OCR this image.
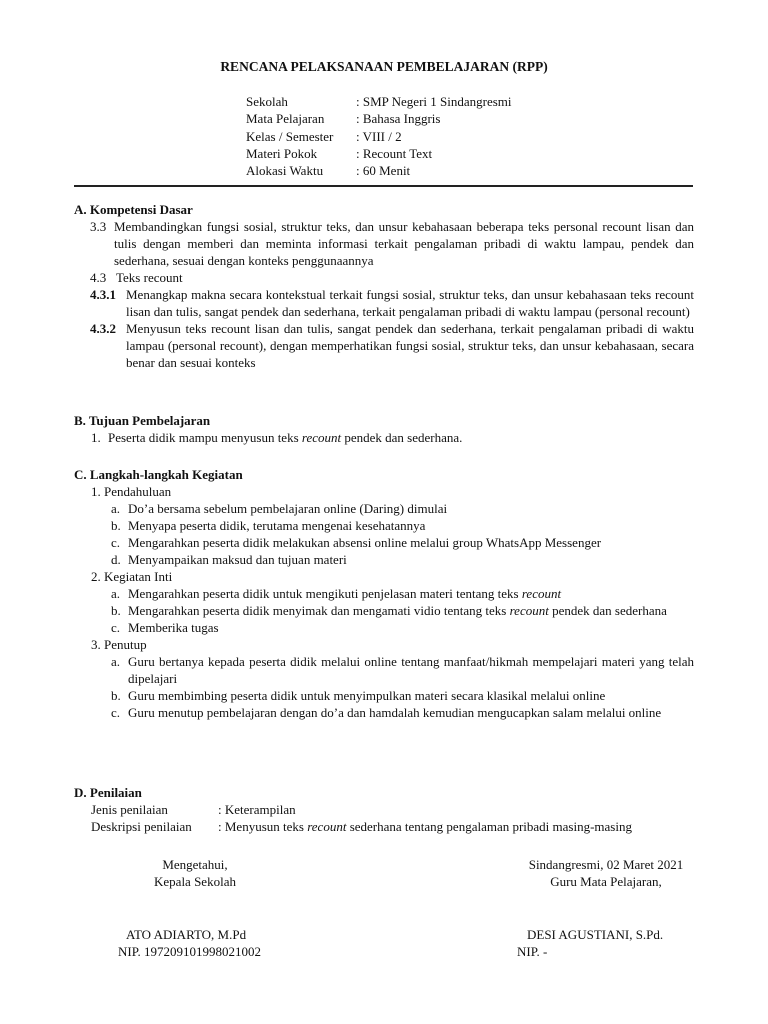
RENCANA PELAKSANAAN PEMBELAJARAN (RPP)
Sekolah	: SMP Negeri 1 Sindangresmi
Mata Pelajaran	: Bahasa Inggris
Kelas / Semester	: VIII / 2
Materi Pokok	: Recount Text
Alokasi Waktu	: 60 Menit
A. Kompetensi Dasar
3.3 Membandingkan fungsi sosial, struktur teks, dan unsur kebahasaan beberapa teks personal recount lisan dan tulis dengan memberi dan meminta informasi terkait pengalaman pribadi di waktu lampau, pendek dan sederhana, sesuai dengan konteks penggunaannya
4.3 Teks recount
4.3.1 Menangkap makna secara kontekstual terkait fungsi sosial, struktur teks, dan unsur kebahasaan teks recount lisan dan tulis, sangat pendek dan sederhana, terkait pengalaman pribadi di waktu lampau (personal recount)
4.3.2 Menyusun teks recount lisan dan tulis, sangat pendek dan sederhana, terkait pengalaman pribadi di waktu lampau (personal recount), dengan memperhatikan fungsi sosial, struktur teks, dan unsur kebahasaan, secara benar dan sesuai konteks
B. Tujuan Pembelajaran
1. Peserta didik mampu menyusun teks recount pendek dan sederhana.
C. Langkah-langkah Kegiatan
1. Pendahuluan
a. Do’a bersama sebelum pembelajaran online (Daring) dimulai
b. Menyapa peserta didik, terutama mengenai kesehatannya
c. Mengarahkan peserta didik melakukan absensi online melalui group WhatsApp Messenger
d. Menyampaikan maksud dan tujuan materi
2. Kegiatan Inti
a. Mengarahkan peserta didik untuk mengikuti penjelasan materi tentang teks recount
b. Mengarahkan peserta didik menyimak dan mengamati vidio tentang teks recount pendek dan sederhana
c. Memberika tugas
3. Penutup
a. Guru bertanya kepada peserta didik melalui online tentang manfaat/hikmah mempelajari materi yang telah dipelajari
b. Guru membimbing peserta didik untuk menyimpulkan materi secara klasikal melalui online
c. Guru menutup pembelajaran dengan do’a dan hamdalah kemudian mengucapkan salam melalui online
D. Penilaian
Jenis penilaian	: Keterampilan
Deskripsi penilaian	: Menyusun teks recount sederhana tentang pengalaman pribadi masing-masing
Mengetahui,
Kepala Sekolah
ATO ADIARTO, M.Pd
NIP. 197209101998021002
Sindangresmi, 02 Maret 2021
Guru Mata Pelajaran,
DESI AGUSTIANI, S.Pd.
NIP. -
